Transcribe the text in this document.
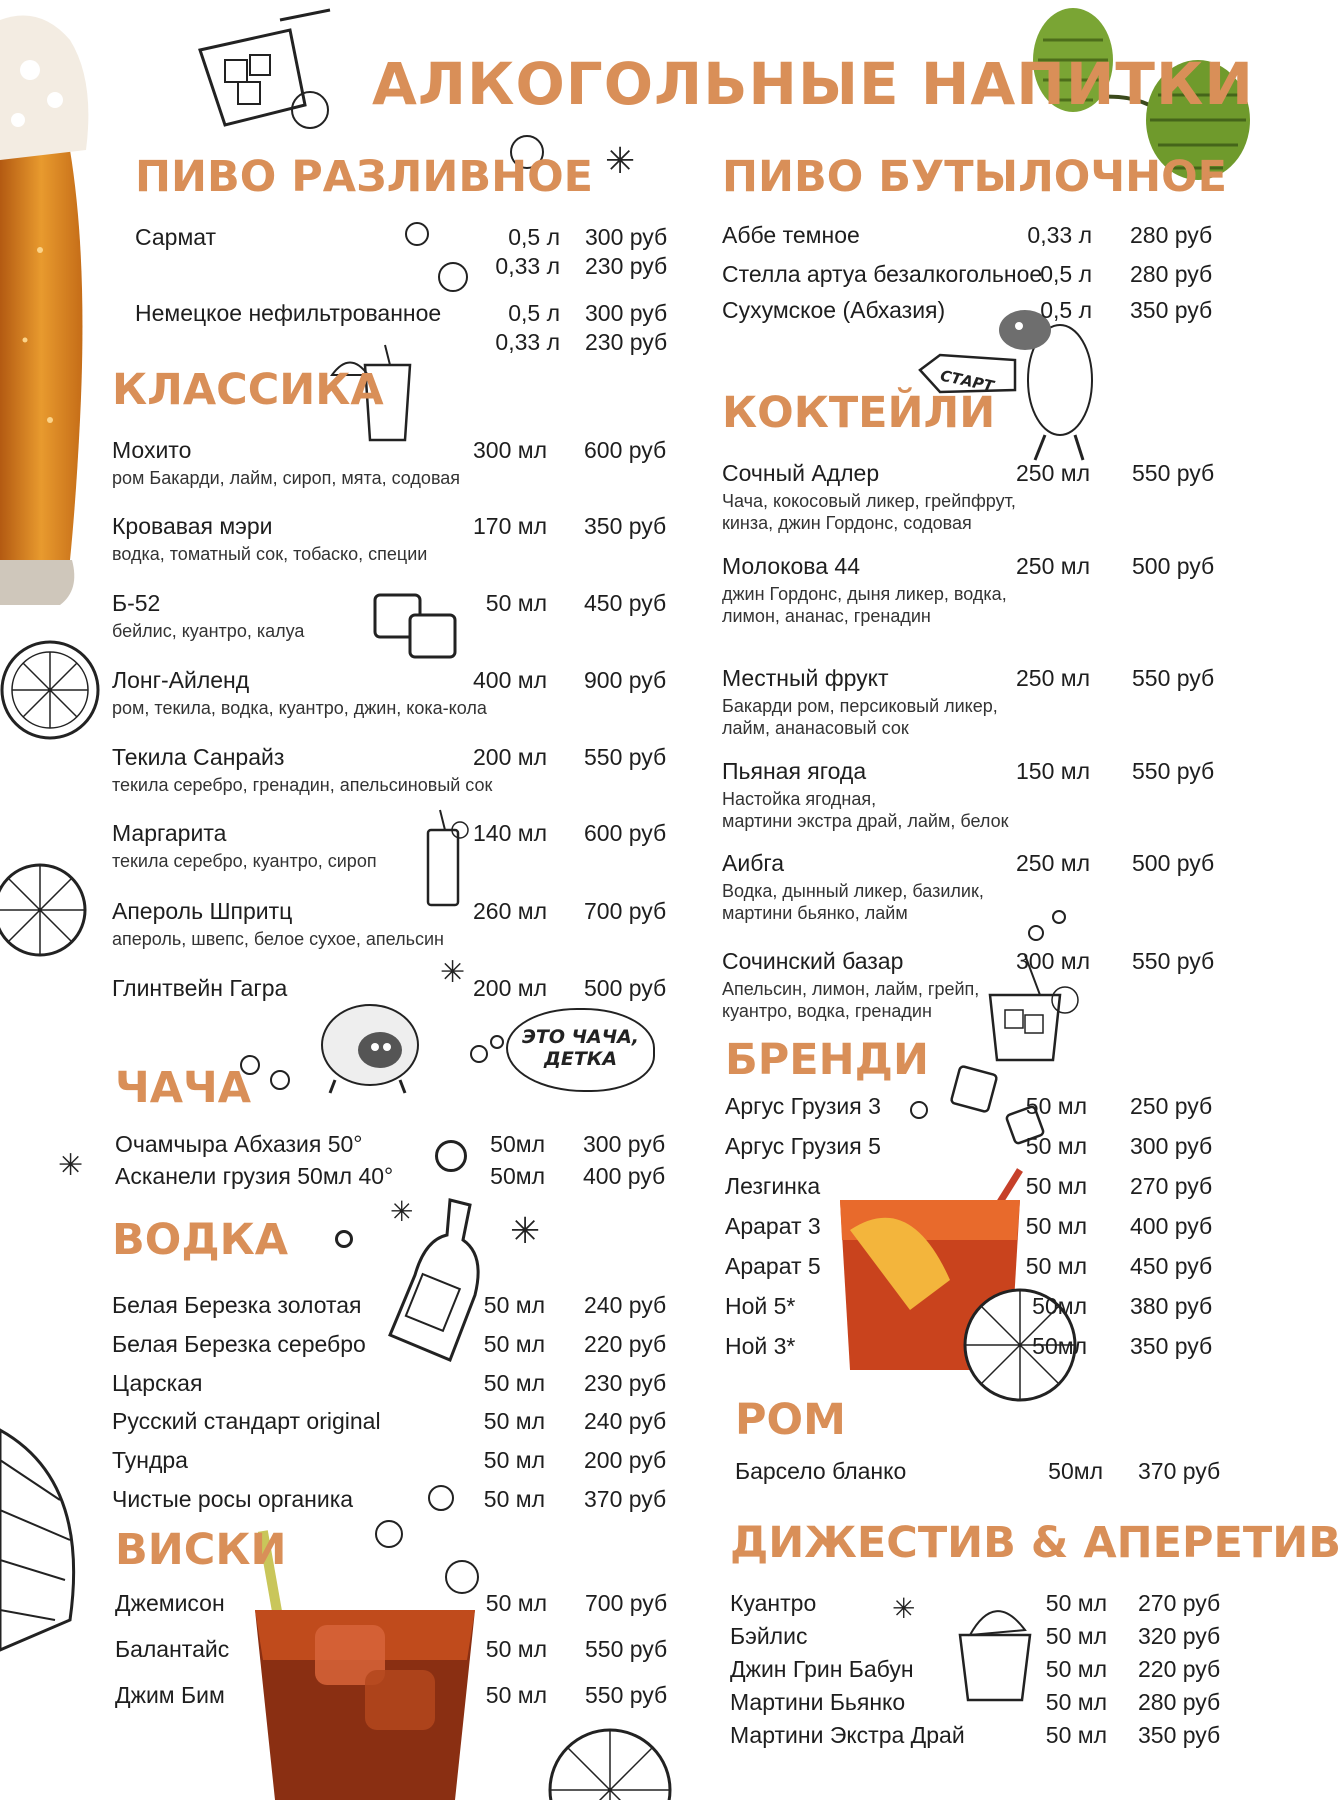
✳
✳
ЭТО ЧАЧА,
ДЕТКА
✳
✳	✳
СТАРТ
✳
АЛКОГОЛЬНЫЕ НАПИТКИ
ПИВО РАЗЛИВНОЕ
Сармат	0,5 л 300 руб
0,33 л 230 руб
Немецкое нефильтрованное	0,5 л 300 руб
0,33 л 230 руб
КЛАССИКА
Мохито	300 мл 600 руб
ром Бакарди, лайм, сироп, мята, содовая
Кровавая мэри	170 мл 350 руб
водка, томатный сок, тобаско, специи
Б-52	50 мл 450 руб
бейлис, куантро, калуа
Лонг-Айленд	400 мл 900 руб
ром, текила, водка, куантро, джин, кока-кола
Текила Санрайз	200 мл 550 руб
текила серебро, гренадин, апельсиновый сок
Маргарита	140 мл 600 руб
текила серебро, куантро, сироп
Апероль Шпритц	260 мл 700 руб
апероль, швепс, белое сухое, апельсин
Глинтвейн Гагра	200 мл 500 руб
ЧАЧА
Очамчыра Абхазия 50°	50мл 300 руб
Асканели грузия 50мл 40°	50мл 400 руб
ВОДКА
Белая Березка золотая	50 мл 240 руб
Белая Березка серебро	50 мл 220 руб
Царская	50 мл 230 руб
Русский стандарт original	50 мл 240 руб
Тундра	50 мл 200 руб
Чистые росы органика	50 мл 370 руб
ВИСКИ
Джемисон	50 мл 700 руб
Балантайс	50 мл 550 руб
Джим Бим	50 мл 550 руб
ПИВО БУТЫЛОЧНОЕ
Аббе темное	0,33 л 280 руб
Стелла артуа безалкогольное
0,5 л 280 руб
Сухумское (Абхазия)	0,5 л 350 руб
КОКТЕЙЛИ
Сочный Адлер	250 мл 550 руб
Чача, кокосовый ликер, грейпфрут,
кинза, джин Гордонс, содовая
Молокова 44	250 мл 500 руб
джин Гордонс, дыня ликер, водка,
лимон, ананас, гренадин
Местный фрукт	250 мл 550 руб
Бакарди ром, персиковый ликер,
лайм, ананасовый сок
Пьяная ягода	150 мл 550 руб
Настойка ягодная,
мартини экстра драй, лайм, белок
Аибга	250 мл 500 руб
Водка, дынный ликер, базилик,
мартини бьянко, лайм
Сочинский базар	300 мл 550 руб
Апельсин, лимон, лайм, грейп,
куантро, водка, гренадин
БРЕНДИ
Аргус Грузия 3	50 мл 250 руб
Аргус Грузия 5	50 мл 300 руб
Лезгинка	50 мл 270 руб
Арарат 3	50 мл 400 руб
Арарат 5	50 мл 450 руб
Ной 5*	50мл 380 руб
Ной 3*	50мл 350 руб
РОМ
Барсело бланко	50мл 370 руб
ДИЖЕСТИВ & АПЕРЕТИВ
Куантро	50 мл 270 руб
Бэйлис	50 мл 320 руб
Джин Грин Бабун	50 мл 220 руб
Мартини Бьянко	50 мл 280 руб
Мартини Экстра Драй	50 мл 350 руб
